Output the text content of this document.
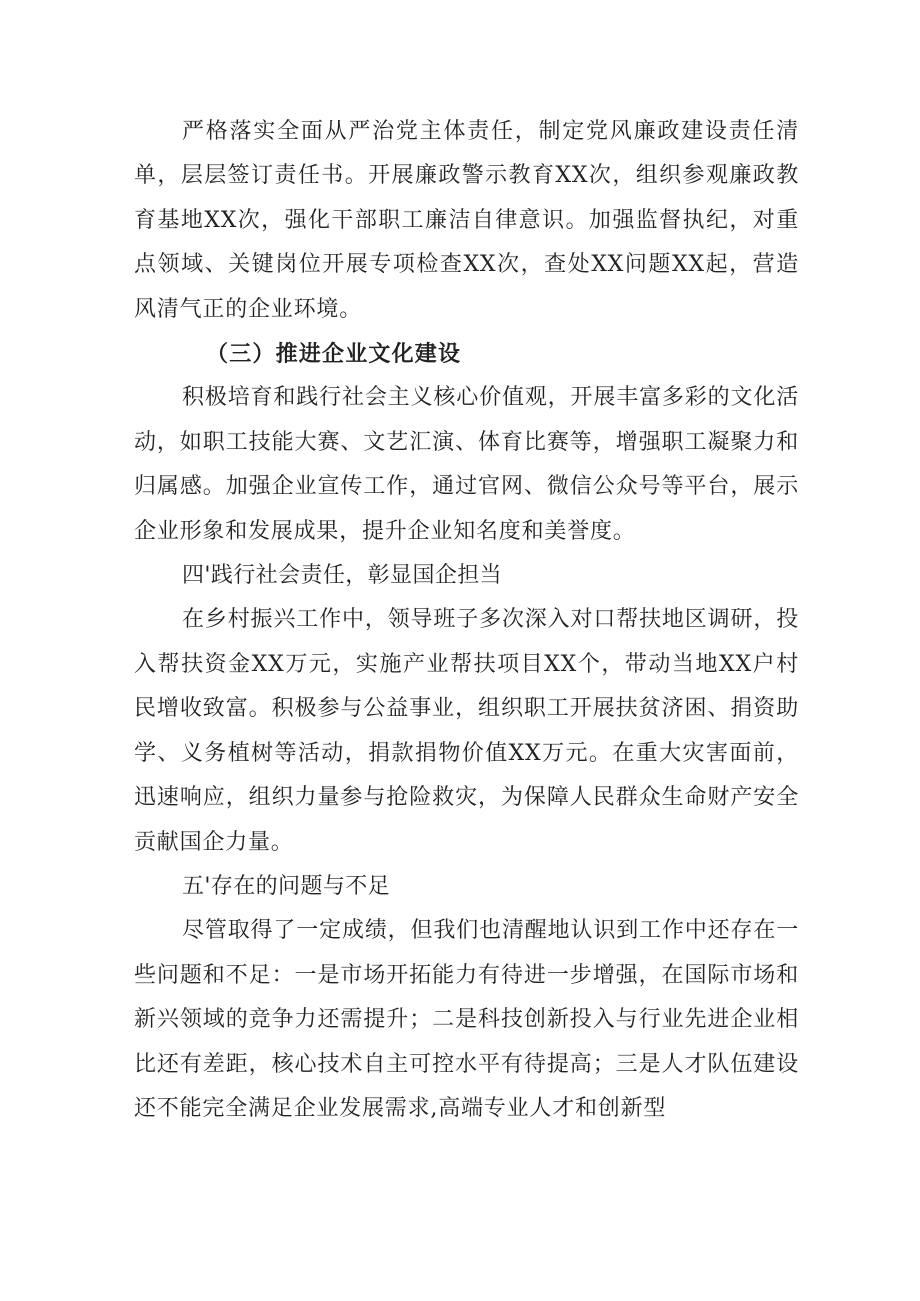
严格落实全面从严治党主体责任，制定党风廉政建设责任清单，层层签订责任书。开展廉政警示教育XX次，组织参观廉政教育基地XX次，强化干部职工廉洁自律意识。加强监督执纪，对重点领域、关键岗位开展专项检查XX次，查处XX问题XX起，营造风清气正的企业环境。

（三）推进企业文化建设

积极培育和践行社会主义核心价值观，开展丰富多彩的文化活动，如职工技能大赛、文艺汇演、体育比赛等，增强职工凝聚力和归属感。加强企业宣传工作，通过官网、微信公众号等平台，展示企业形象和发展成果，提升企业知名度和美誉度。

四'践行社会责任，彰显国企担当

在乡村振兴工作中，领导班子多次深入对口帮扶地区调研，投入帮扶资金XX万元，实施产业帮扶项目XX个，带动当地XX户村民增收致富。积极参与公益事业，组织职工开展扶贫济困、捐资助学、义务植树等活动，捐款捐物价值XX万元。在重大灾害面前，迅速响应，组织力量参与抢险救灾，为保障人民群众生命财产安全贡献国企力量。

五'存在的问题与不足

尽管取得了一定成绩，但我们也清醒地认识到工作中还存在一些问题和不足：一是市场开拓能力有待进一步增强，在国际市场和新兴领域的竞争力还需提升；二是科技创新投入与行业先进企业相比还有差距，核心技术自主可控水平有待提高；三是人才队伍建设还不能完全满足企业发展需求,高端专业人才和创新型
